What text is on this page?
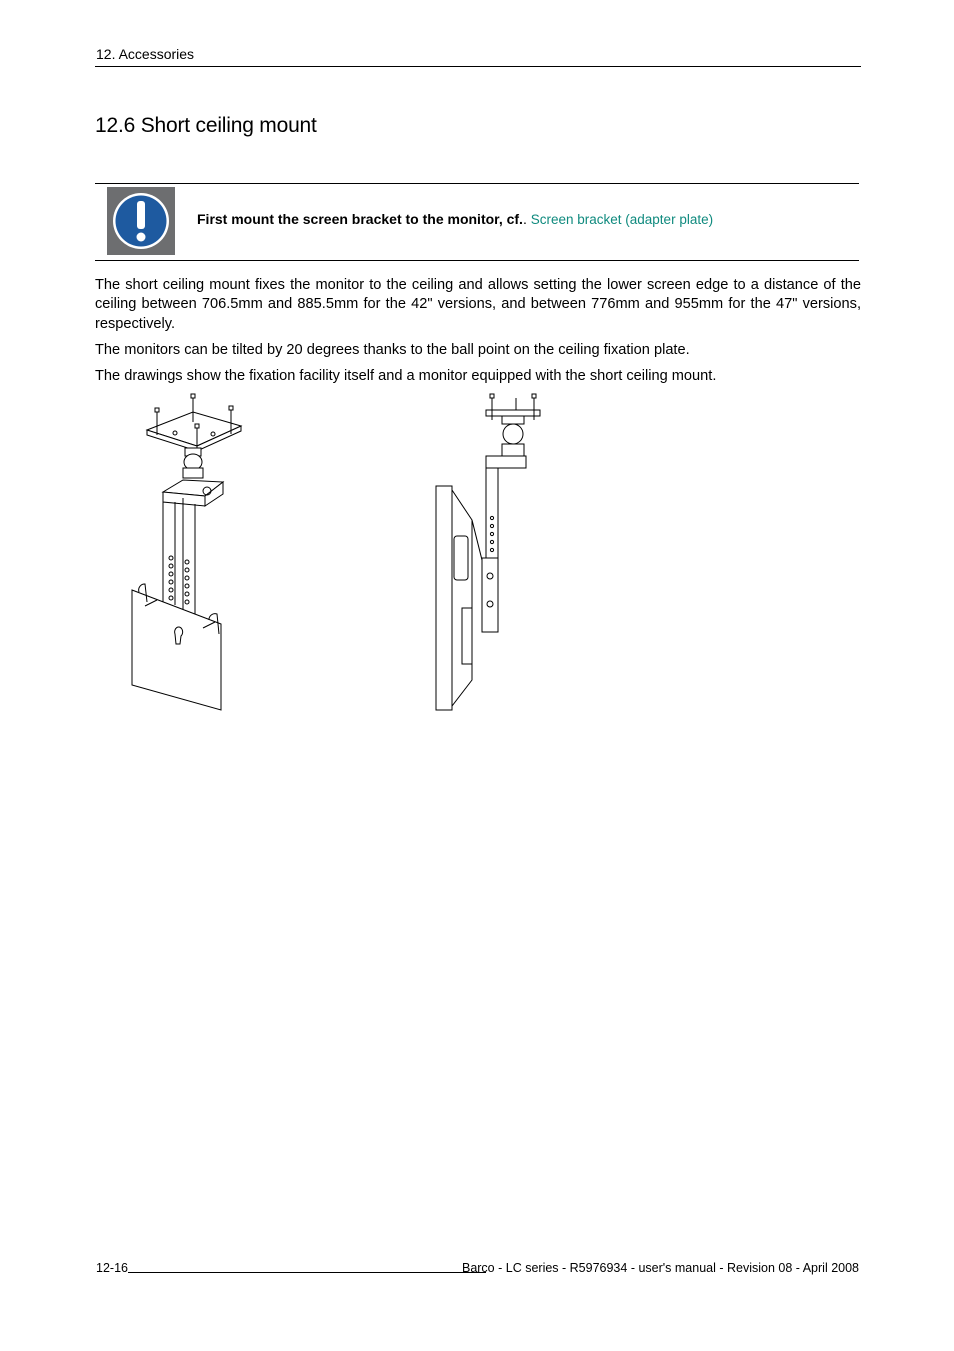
12. Accessories
12.6 Short ceiling mount
First mount the screen bracket to the monitor, cf.. Screen bracket (adapter plate)

The short ceiling mount fixes the monitor to the ceiling and allows setting the lower screen edge to a distance of the ceiling between 706.5mm and 885.5mm for the 42" versions, and between 776mm and 955mm for the 47" versions, respectively.

The monitors can be tilted by 20 degrees thanks to the ball point on the ceiling fixation plate.

The drawings show the fixation facility itself and a monitor equipped with the short ceiling mount.

12-16	Barco - LC series - R5976934 - user's manual - Revision 08 - April 2008
